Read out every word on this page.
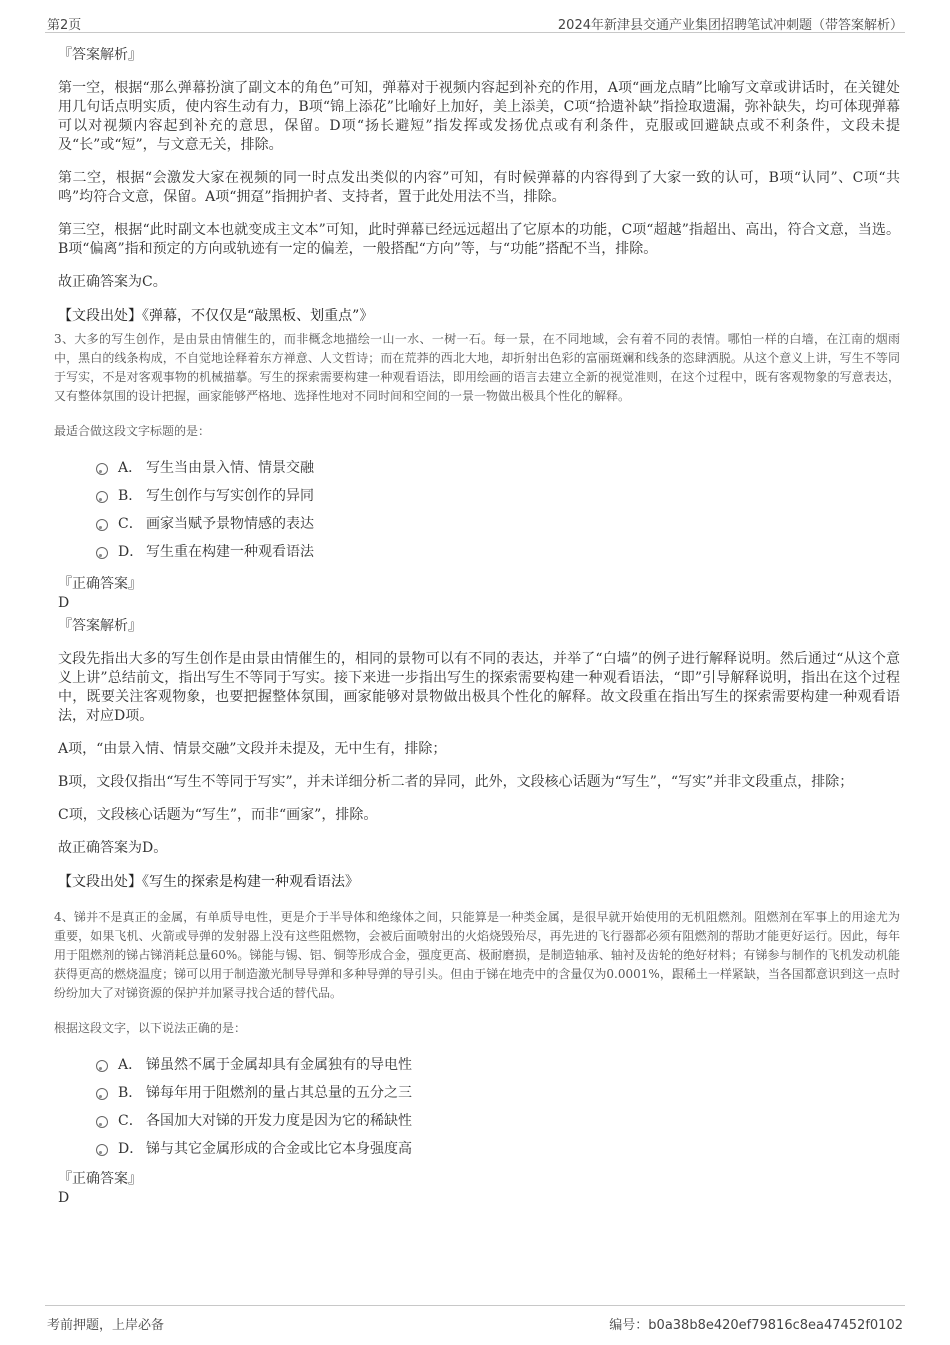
第2页	2024年新津县交通产业集团招聘笔试冲刺题（带答案解析）
『答案解析』

第一空，根据“那么弹幕扮演了副文本的角色”可知，弹幕对于视频内容起到补充的作用，A项“画龙点睛”比喻写文章或讲话时，在关键处用几句话点明实质，使内容生动有力，B项“锦上添花”比喻好上加好，美上添美，C项“拾遗补缺”指捡取遗漏，弥补缺失，均可体现弹幕可以对视频内容起到补充的意思，保留。D项“扬长避短”指发挥或发扬优点或有利条件，克服或回避缺点或不利条件，文段未提及“长”或“短”，与文意无关，排除。

第二空，根据“会激发大家在视频的同一时点发出类似的内容”可知，有时候弹幕的内容得到了大家一致的认可，B项“认同”、C项“共鸣”均符合文意，保留。A项“拥趸”指拥护者、支持者，置于此处用法不当，排除。

第三空，根据“此时副文本也就变成主文本”可知，此时弹幕已经远远超出了它原本的功能，C项“超越”指超出、高出，符合文意，当选。B项“偏离”指和预定的方向或轨迹有一定的偏差，一般搭配“方向”等，与“功能”搭配不当，排除。

故正确答案为C。

【文段出处】《弹幕，不仅仅是“敲黑板、划重点”》

3、大多的写生创作，是由景由情催生的，而非概念地描绘一山一水、一树一石。每一景，在不同地域，会有着不同的表情。哪怕一样的白墙，在江南的烟雨中，黑白的线条构成，不自觉地诠释着东方禅意、人文哲诗；而在荒莽的西北大地，却折射出色彩的富丽斑斓和线条的恣肆洒脱。从这个意义上讲，写生不等同于写实，不是对客观事物的机械描摹。写生的探索需要构建一种观看语法，即用绘画的语言去建立全新的视觉准则，在这个过程中，既有客观物象的写意表达，又有整体氛围的设计把握，画家能够严格地、选择性地对不同时间和空间的一景一物做出极具个性化的解释。

最适合做这段文字标题的是：
A． 写生当由景入情、情景交融
B． 写生创作与写实创作的异同
C． 画家当赋予景物情感的表达
D． 写生重在构建一种观看语法
『正确答案』
D
『答案解析』

文段先指出大多的写生创作是由景由情催生的，相同的景物可以有不同的表达，并举了“白墙”的例子进行解释说明。然后通过“从这个意义上讲”总结前文，指出写生不等同于写实。接下来进一步指出写生的探索需要构建一种观看语法，“即”引导解释说明，指出在这个过程中，既要关注客观物象，也要把握整体氛围，画家能够对景物做出极具个性化的解释。故文段重在指出写生的探索需要构建一种观看语法，对应D项。

A项，“由景入情、情景交融”文段并未提及，无中生有，排除；

B项，文段仅指出“写生不等同于写实”，并未详细分析二者的异同，此外，文段核心话题为“写生”，“写实”并非文段重点，排除；

C项，文段核心话题为“写生”，而非“画家”，排除。

故正确答案为D。

【文段出处】《写生的探索是构建一种观看语法》

4、锑并不是真正的金属，有单质导电性，更是介于半导体和绝缘体之间，只能算是一种类金属，是很早就开始使用的无机阻燃剂。阻燃剂在军事上的用途尤为重要，如果飞机、火箭或导弹的发射器上没有这些阻燃物，会被后面喷射出的火焰烧毁殆尽，再先进的飞行器都必须有阻燃剂的帮助才能更好运行。因此，每年用于阻燃剂的锑占锑消耗总量60%。锑能与锡、铝、铜等形成合金，强度更高、极耐磨损，是制造轴承、轴衬及齿轮的绝好材料；有锑参与制作的飞机发动机能获得更高的燃烧温度；锑可以用于制造激光制导导弹和多种导弹的导引头。但由于锑在地壳中的含量仅为0.0001%，跟稀土一样紧缺，当各国都意识到这一点时纷纷加大了对锑资源的保护并加紧寻找合适的替代品。

根据这段文字，以下说法正确的是：
A． 锑虽然不属于金属却具有金属独有的导电性
B． 锑每年用于阻燃剂的量占其总量的五分之三
C． 各国加大对锑的开发力度是因为它的稀缺性
D． 锑与其它金属形成的合金或比它本身强度高
『正确答案』
D
考前押题，上岸必备	编号：b0a38b8e420ef79816c8ea47452f0102
